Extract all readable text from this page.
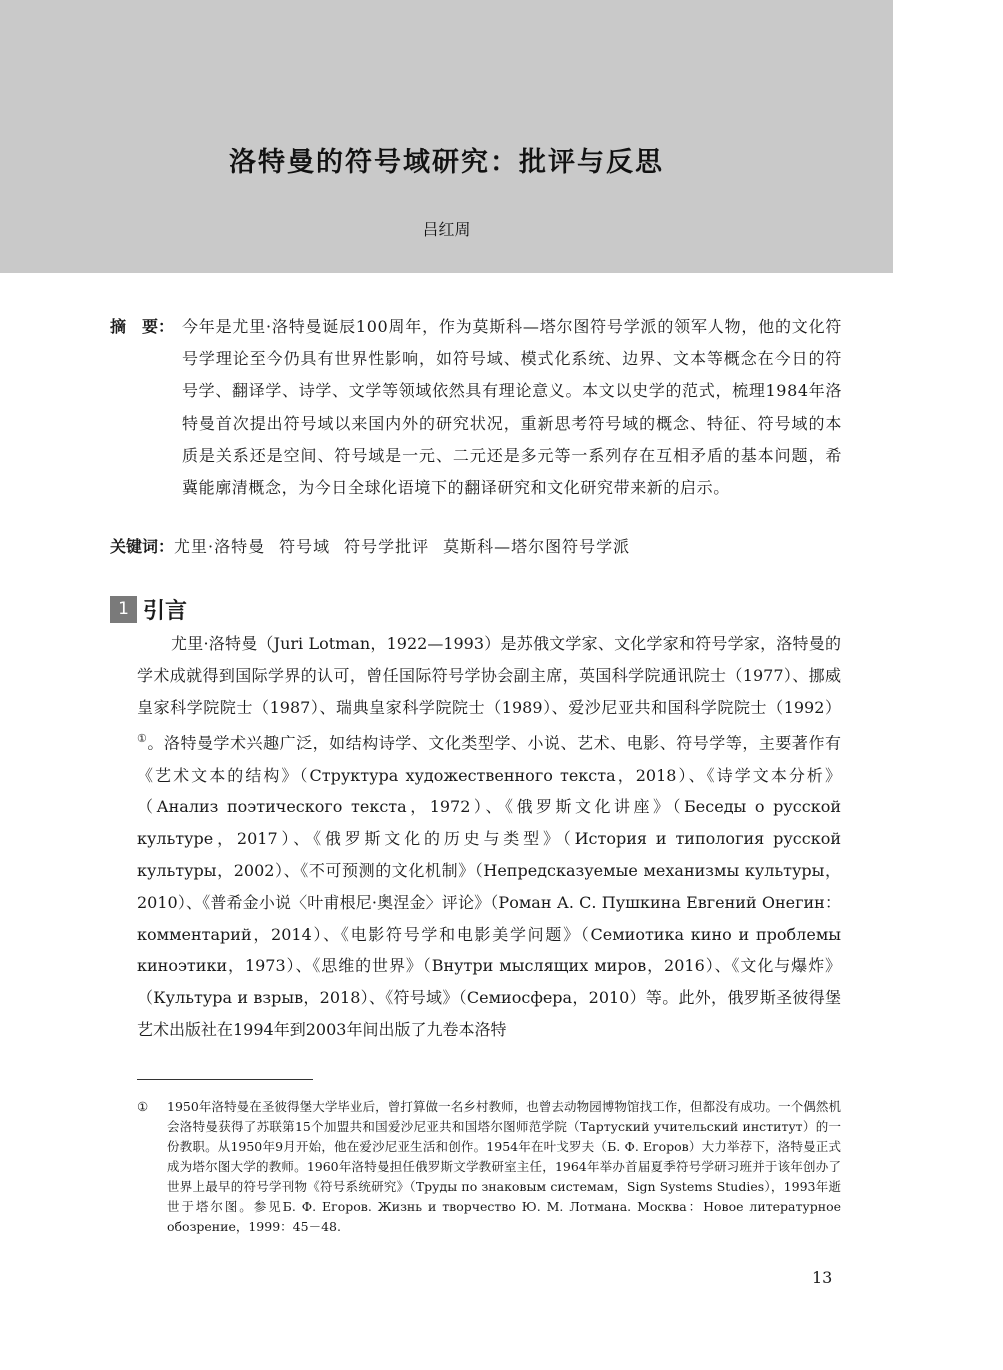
洛特曼的符号域研究：批评与反思
吕红周
摘　要： 今年是尤里·洛特曼诞辰100周年，作为莫斯科—塔尔图符号学派的领军人物，他的文化符号学理论至今仍具有世界性影响，如符号域、模式化系统、边界、文本等概念在今日的符号学、翻译学、诗学、文学等领域依然具有理论意义。本文以史学的范式，梳理1984年洛特曼首次提出符号域以来国内外的研究状况，重新思考符号域的概念、特征、符号域的本质是关系还是空间、符号域是一元、二元还是多元等一系列存在互相矛盾的基本问题，希冀能廓清概念，为今日全球化语境下的翻译研究和文化研究带来新的启示。
关键词：尤里·洛特曼 符号域 符号学批评 莫斯科—塔尔图符号学派
1 引言

尤里·洛特曼（Juri Lotman，1922—1993）是苏俄文学家、文化学家和符号学家，洛特曼的学术成就得到国际学界的认可，曾任国际符号学协会副主席，英国科学院通讯院士（1977）、挪威皇家科学院院士（1987）、瑞典皇家科学院院士（1989）、爱沙尼亚共和国科学院院士（1992）①。洛特曼学术兴趣广泛，如结构诗学、文化类型学、小说、艺术、电影、符号学等，主要著作有《艺术文本的结构》（Структура художественного текста，2018）、《诗学文本分析》（Анализ поэтического текста，1972）、《俄罗斯文化讲座》（Беседы о русской культуре，2017）、《俄罗斯文化的历史与类型》（История и типология русской культуры，2002）、《不可预测的文化机制》（Непредсказуемые механизмы культуры，2010）、《普希金小说〈叶甫根尼·奥涅金〉评论》（Роман А. С. Пушкина Евгений Онегин：комментарий，2014）、《电影符号学和电影美学问题》（Семиотика кино и проблемы киноэтики，1973）、《思维的世界》（Внутри мыслящих миров，2016）、《文化与爆炸》（Культура и взрыв，2018）、《符号域》（Семиосфера，2010）等。此外，俄罗斯圣彼得堡艺术出版社在1994年到2003年间出版了九卷本洛特

① 1950年洛特曼在圣彼得堡大学毕业后，曾打算做一名乡村教师，也曾去动物园博物馆找工作，但都没有成功。一个偶然机会洛特曼获得了苏联第15个加盟共和国爱沙尼亚共和国塔尔图师范学院（Тартуский учительский институт）的一份教职。从1950年9月开始，他在爱沙尼亚生活和创作。1954年在叶戈罗夫（Б. Ф. Егоров）大力举荐下，洛特曼正式成为塔尔图大学的教师。1960年洛特曼担任俄罗斯文学教研室主任，1964年举办首届夏季符号学研习班并于该年创办了世界上最早的符号学刊物《符号系统研究》（Труды по знаковым системам，Sign Systems Studies），1993年逝世于塔尔图。参见Б. Ф. Егоров. Жизнь и творчество Ю. М. Лотмана. Москва：Новое литературное обозрение，1999：45－48.
13
